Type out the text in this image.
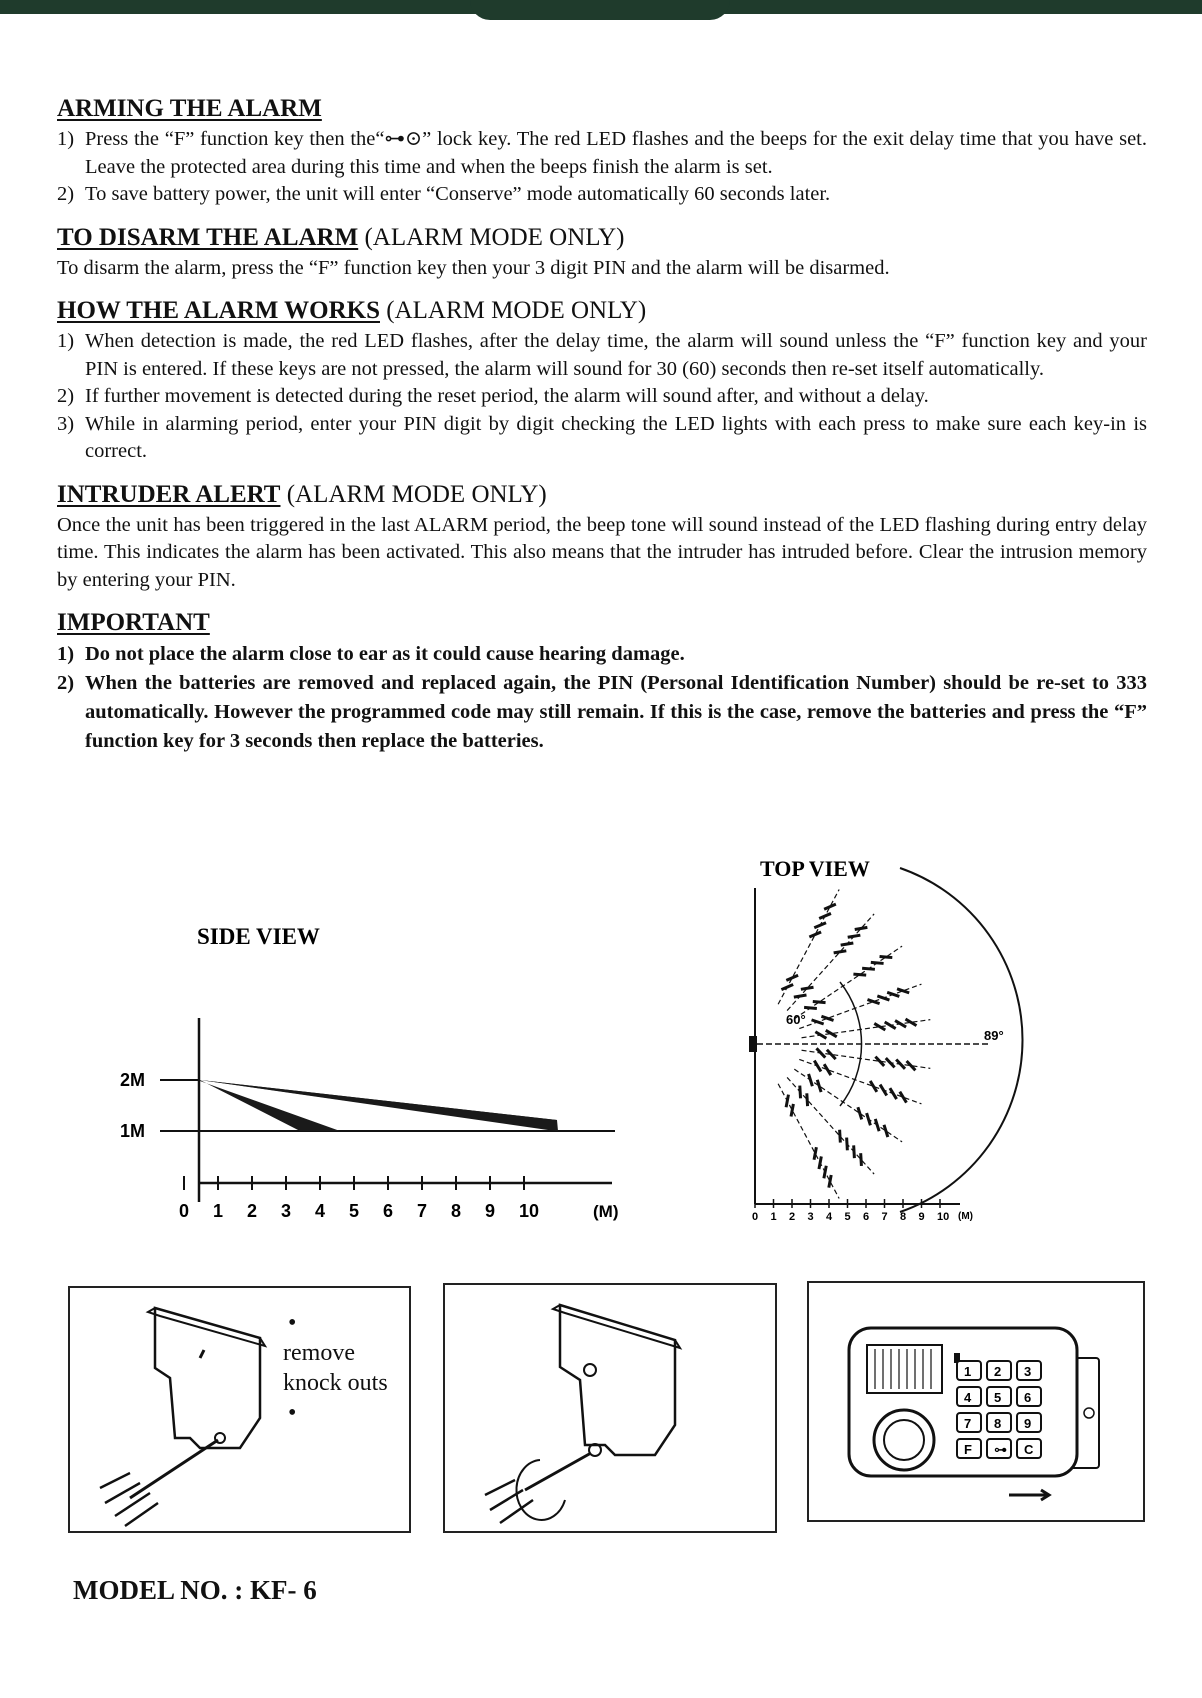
ARMING THE ALARM
1) Press the “F” function key then the“⊶⊙” lock key. The red LED flashes and the beeps for the exit delay time that you have set. Leave the protected area during this time and when the beeps finish the alarm is set.
2) To save battery power, the unit will enter “Conserve” mode automatically 60 seconds later.
TO DISARM THE ALARM (ALARM MODE ONLY)

To disarm the alarm, press the “F” function key then your 3 digit PIN and the alarm will be disarmed.

HOW THE ALARM WORKS (ALARM MODE ONLY)
1) When detection is made, the red LED flashes, after the delay time, the alarm will sound unless the “F” function key and your PIN is entered. If these keys are not pressed, the alarm will sound for 30 (60) seconds then re-set itself automatically.
2) If further movement is detected during the reset period, the alarm will sound after, and without a delay.
3) While in alarming period, enter your PIN digit by digit checking the LED lights with each press to make sure each key-in is correct.
INTRUDER ALERT (ALARM MODE ONLY)

Once the unit has been triggered in the last ALARM period, the beep tone will sound instead of the LED flashing during entry delay time. This indicates the alarm has been activated. This also means that the intruder has intruded before. Clear the intrusion memory by entering your PIN.

IMPORTANT
1) Do not place the alarm close to ear as it could cause hearing damage.
2) When the batteries are removed and replaced again, the PIN (Personal Identification Number) should be re-set to 333 automatically. However the programmed code may still remain. If this is the case, remove the batteries and press the “F” function key for 3 seconds then replace the batteries.
SIDE VIEW
2M
1M
0 1 2 3 4 5 6 7 8 9 10	(M)
TOP VIEW
60°
89°
0 1 2 3 4 5 6 7 8 9 10 (M)
•
remove
knock outs
•
1 2 3
4 5 6
7 8 9
F ⊶ C
MODEL NO. : KF- 6
